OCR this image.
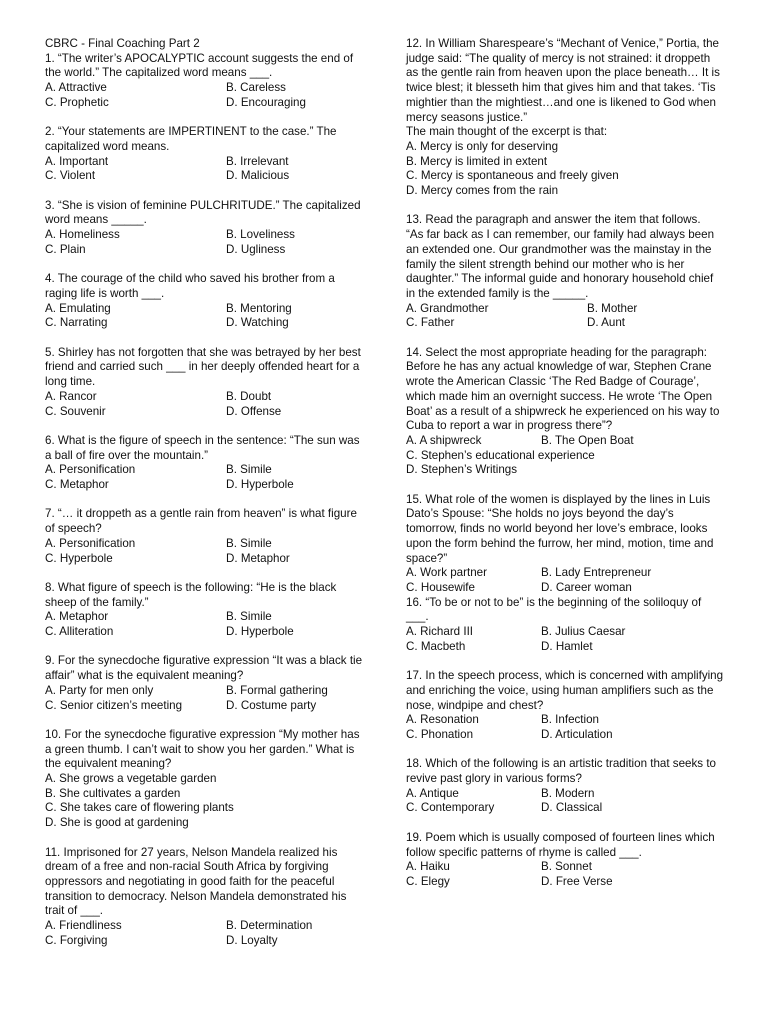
CBRC - Final Coaching Part 2
1. “The writer’s APOCALYPTIC account suggests the end of the world.” The capitalized word means ___.
A. Attractive	B. Careless
C. Prophetic	D. Encouraging
2. “Your statements are IMPERTINENT to the case.” The capitalized word means.
A. Important	B. Irrelevant
C. Violent	D. Malicious
3. “She is vision of feminine PULCHRITUDE.” The capitalized word means _____.
A. Homeliness	B. Loveliness
C. Plain	D. Ugliness
4. The courage of the child who saved his brother from a raging life is worth ___.
A. Emulating	B. Mentoring
C. Narrating	D. Watching
5. Shirley has not forgotten that she was betrayed by her best friend and carried such ___ in her deeply offended heart for a long time.
A. Rancor	B. Doubt
C. Souvenir	D. Offense
6. What is the figure of speech in the sentence: “The sun was a ball of fire over the mountain.”
A. Personification	B. Simile
C. Metaphor	D. Hyperbole
7. “… it droppeth as a gentle rain from heaven” is what figure of speech?
A. Personification	B. Simile
C. Hyperbole	D. Metaphor
8. What figure of speech is the following: “He is the black sheep of the family.”
A. Metaphor	B. Simile
C. Alliteration	D. Hyperbole
9. For the synecdoche figurative expression “It was a black tie affair” what is the equivalent meaning?
A. Party for men only	B. Formal gathering
C. Senior citizen’s meeting	D. Costume party
10. For the synecdoche figurative expression “My mother has a green thumb. I can’t wait to show you her garden.” What is the equivalent meaning?
A. She grows a vegetable garden
B. She cultivates a garden
C. She takes care of flowering plants
D. She is good at gardening
11. Imprisoned for 27 years, Nelson Mandela realized his dream of a free and non-racial South Africa by forgiving oppressors and negotiating in good faith for the peaceful transition to democracy. Nelson Mandela demonstrated his trait of ___.
A. Friendliness	B. Determination
C. Forgiving	D. Loyalty
12. In William Sharespeare’s “Mechant of Venice,” Portia, the judge said: “The quality of mercy is not strained: it droppeth as the gentle rain from heaven upon the place beneath… It is twice blest; it blesseth him that gives him and that takes. ‘Tis mightier than the mightiest…and one is likened to God when mercy seasons justice.”
The main thought of the excerpt is that:
A. Mercy is only for deserving
B. Mercy is limited in extent
C. Mercy is spontaneous and freely given
D. Mercy comes from the rain
13. Read the paragraph and answer the item that follows.
“As far back as I can remember, our family had always been an extended one. Our grandmother was the mainstay in the family the silent strength behind our mother who is her daughter.” The informal guide and honorary household chief in the extended family is the _____.
A. Grandmother	B. Mother
C. Father	D. Aunt
14. Select the most appropriate heading for the paragraph:
Before he has any actual knowledge of war, Stephen Crane wrote the American Classic ‘The Red Badge of Courage’, which made him an overnight success. He wrote ‘The Open Boat’ as a result of a shipwreck he experienced on his way to Cuba to report a war in progress there”?
A. A shipwreck	B. The Open Boat
C. Stephen’s educational experience
D. Stephen’s Writings
15. What role of the women is displayed by the lines in Luis Dato’s Spouse: “She holds no joys beyond the day’s tomorrow, finds no world beyond her love’s embrace, looks upon the form behind the furrow, her mind, motion, time and space?”
A. Work partner	B. Lady Entrepreneur
C. Housewife	D. Career woman
16. “To be or not to be” is the beginning of the soliloquy of ___.
A. Richard III	B. Julius Caesar
C. Macbeth	D. Hamlet
17. In the speech process, which is concerned with amplifying and enriching the voice, using human amplifiers such as the nose, windpipe and chest?
A. Resonation	B. Infection
C. Phonation	D. Articulation
18. Which of the following is an artistic tradition that seeks to revive past glory in various forms?
A. Antique	B. Modern
C. Contemporary	D. Classical
19. Poem which is usually composed of fourteen lines which follow specific patterns of rhyme is called ___.
A. Haiku	B. Sonnet
C. Elegy	D. Free Verse
